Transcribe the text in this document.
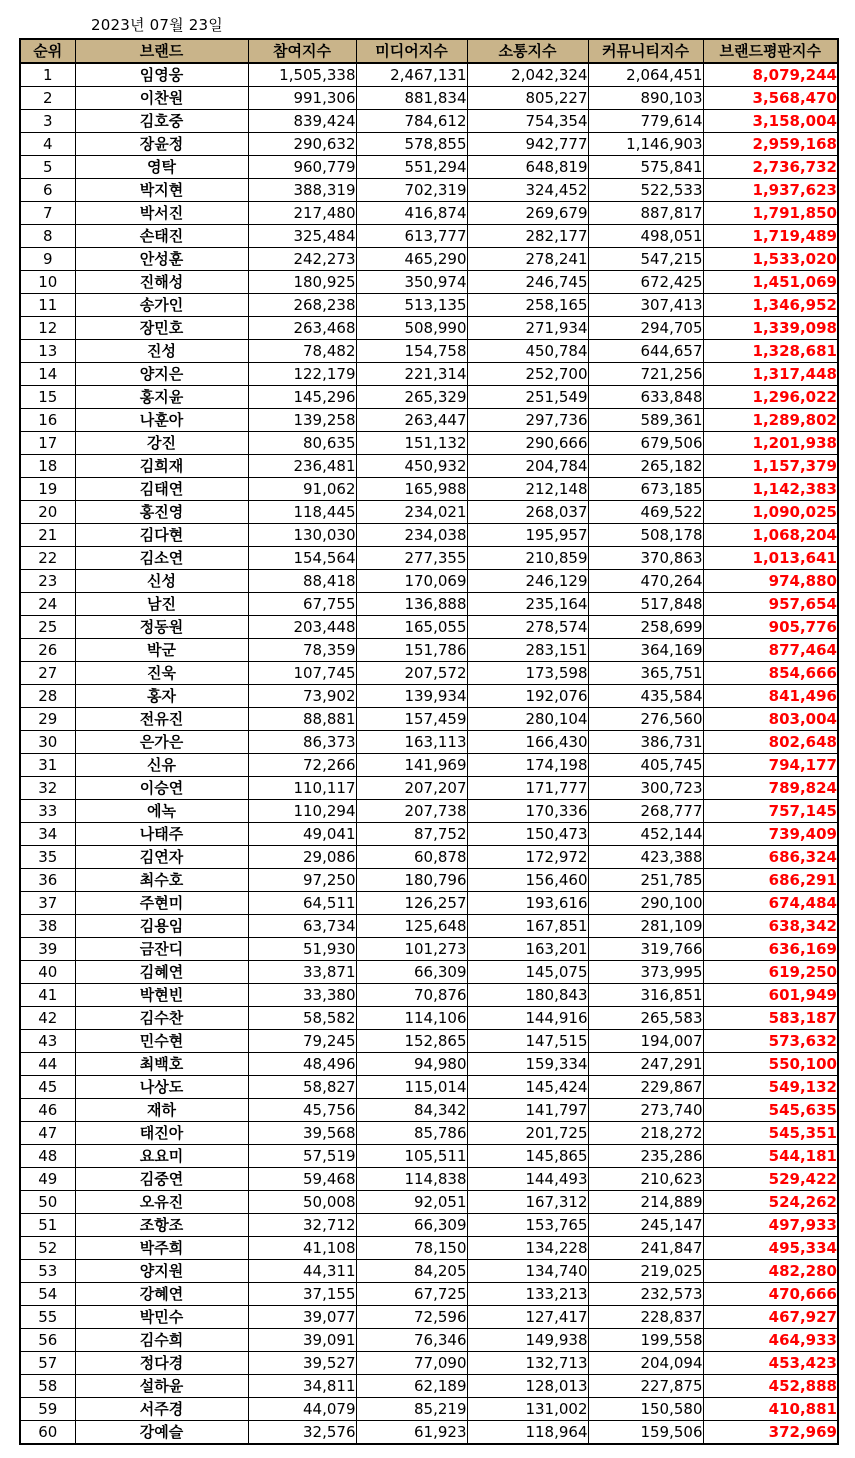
2023년 07월 23일
순위	브랜드	참여지수	미디어지수	소통지수	커뮤니티지수	브랜드평판지수
1	임영웅	1,505,338	2,467,131	2,042,324	2,064,451	8,079,244
2	이찬원	991,306	881,834	805,227	890,103	3,568,470
3	김호중	839,424	784,612	754,354	779,614	3,158,004
4	장윤정	290,632	578,855	942,777	1,146,903	2,959,168
5	영탁	960,779	551,294	648,819	575,841	2,736,732
6	박지현	388,319	702,319	324,452	522,533	1,937,623
7	박서진	217,480	416,874	269,679	887,817	1,791,850
8	손태진	325,484	613,777	282,177	498,051	1,719,489
9	안성훈	242,273	465,290	278,241	547,215	1,533,020
10	진해성	180,925	350,974	246,745	672,425	1,451,069
11	송가인	268,238	513,135	258,165	307,413	1,346,952
12	장민호	263,468	508,990	271,934	294,705	1,339,098
13	진성	78,482	154,758	450,784	644,657	1,328,681
14	양지은	122,179	221,314	252,700	721,256	1,317,448
15	홍지윤	145,296	265,329	251,549	633,848	1,296,022
16	나훈아	139,258	263,447	297,736	589,361	1,289,802
17	강진	80,635	151,132	290,666	679,506	1,201,938
18	김희재	236,481	450,932	204,784	265,182	1,157,379
19	김태연	91,062	165,988	212,148	673,185	1,142,383
20	홍진영	118,445	234,021	268,037	469,522	1,090,025
21	김다현	130,030	234,038	195,957	508,178	1,068,204
22	김소연	154,564	277,355	210,859	370,863	1,013,641
23	신성	88,418	170,069	246,129	470,264	974,880
24	남진	67,755	136,888	235,164	517,848	957,654
25	정동원	203,448	165,055	278,574	258,699	905,776
26	박군	78,359	151,786	283,151	364,169	877,464
27	진욱	107,745	207,572	173,598	365,751	854,666
28	홍자	73,902	139,934	192,076	435,584	841,496
29	전유진	88,881	157,459	280,104	276,560	803,004
30	은가은	86,373	163,113	166,430	386,731	802,648
31	신유	72,266	141,969	174,198	405,745	794,177
32	이승연	110,117	207,207	171,777	300,723	789,824
33	에녹	110,294	207,738	170,336	268,777	757,145
34	나태주	49,041	87,752	150,473	452,144	739,409
35	김연자	29,086	60,878	172,972	423,388	686,324
36	최수호	97,250	180,796	156,460	251,785	686,291
37	주현미	64,511	126,257	193,616	290,100	674,484
38	김용임	63,734	125,648	167,851	281,109	638,342
39	금잔디	51,930	101,273	163,201	319,766	636,169
40	김혜연	33,871	66,309	145,075	373,995	619,250
41	박현빈	33,380	70,876	180,843	316,851	601,949
42	김수찬	58,582	114,106	144,916	265,583	583,187
43	민수현	79,245	152,865	147,515	194,007	573,632
44	최백호	48,496	94,980	159,334	247,291	550,100
45	나상도	58,827	115,014	145,424	229,867	549,132
46	재하	45,756	84,342	141,797	273,740	545,635
47	태진아	39,568	85,786	201,725	218,272	545,351
48	요요미	57,519	105,511	145,865	235,286	544,181
49	김중연	59,468	114,838	144,493	210,623	529,422
50	오유진	50,008	92,051	167,312	214,889	524,262
51	조항조	32,712	66,309	153,765	245,147	497,933
52	박주희	41,108	78,150	134,228	241,847	495,334
53	양지원	44,311	84,205	134,740	219,025	482,280
54	강혜연	37,155	67,725	133,213	232,573	470,666
55	박민수	39,077	72,596	127,417	228,837	467,927
56	김수희	39,091	76,346	149,938	199,558	464,933
57	정다경	39,527	77,090	132,713	204,094	453,423
58	설하윤	34,811	62,189	128,013	227,875	452,888
59	서주경	44,079	85,219	131,002	150,580	410,881
60	강예슬	32,576	61,923	118,964	159,506	372,969
